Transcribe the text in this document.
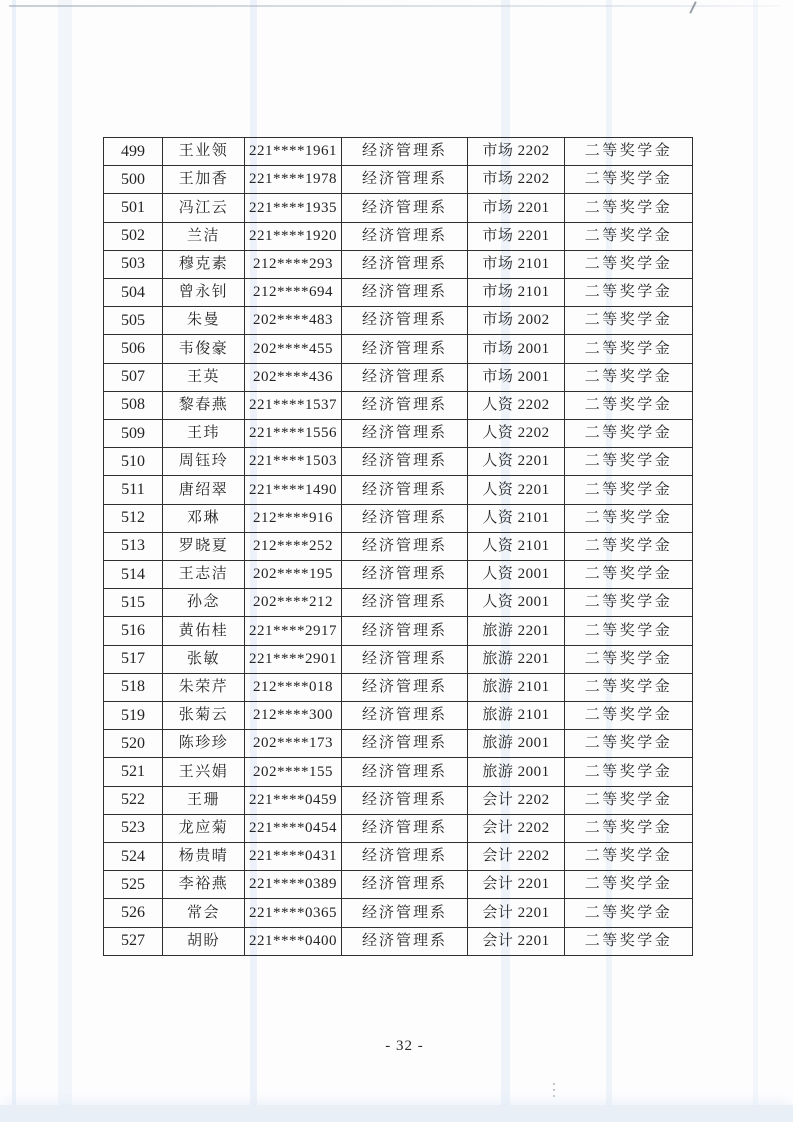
499	王业领	221****1961	经济管理系	市场 2202	二等奖学金
500	王加香	221****1978	经济管理系	市场 2202	二等奖学金
501	冯江云	221****1935	经济管理系	市场 2201	二等奖学金
502	兰洁	221****1920	经济管理系	市场 2201	二等奖学金
503	穆克素	212****293	经济管理系	市场 2101	二等奖学金
504	曾永钊	212****694	经济管理系	市场 2101	二等奖学金
505	朱曼	202****483	经济管理系	市场 2002	二等奖学金
506	韦俊豪	202****455	经济管理系	市场 2001	二等奖学金
507	王英	202****436	经济管理系	市场 2001	二等奖学金
508	黎春燕	221****1537	经济管理系	人资 2202	二等奖学金
509	王玮	221****1556	经济管理系	人资 2202	二等奖学金
510	周钰玲	221****1503	经济管理系	人资 2201	二等奖学金
511	唐绍翠	221****1490	经济管理系	人资 2201	二等奖学金
512	邓琳	212****916	经济管理系	人资 2101	二等奖学金
513	罗晓夏	212****252	经济管理系	人资 2101	二等奖学金
514	王志洁	202****195	经济管理系	人资 2001	二等奖学金
515	孙念	202****212	经济管理系	人资 2001	二等奖学金
516	黄佑桂	221****2917	经济管理系	旅游 2201	二等奖学金
517	张敏	221****2901	经济管理系	旅游 2201	二等奖学金
518	朱荣芹	212****018	经济管理系	旅游 2101	二等奖学金
519	张菊云	212****300	经济管理系	旅游 2101	二等奖学金
520	陈珍珍	202****173	经济管理系	旅游 2001	二等奖学金
521	王兴娟	202****155	经济管理系	旅游 2001	二等奖学金
522	王珊	221****0459	经济管理系	会计 2202	二等奖学金
523	龙应菊	221****0454	经济管理系	会计 2202	二等奖学金
524	杨贵晴	221****0431	经济管理系	会计 2202	二等奖学金
525	李裕燕	221****0389	经济管理系	会计 2201	二等奖学金
526	常会	221****0365	经济管理系	会计 2201	二等奖学金
527	胡盼	221****0400	经济管理系	会计 2201	二等奖学金
- 32 -
